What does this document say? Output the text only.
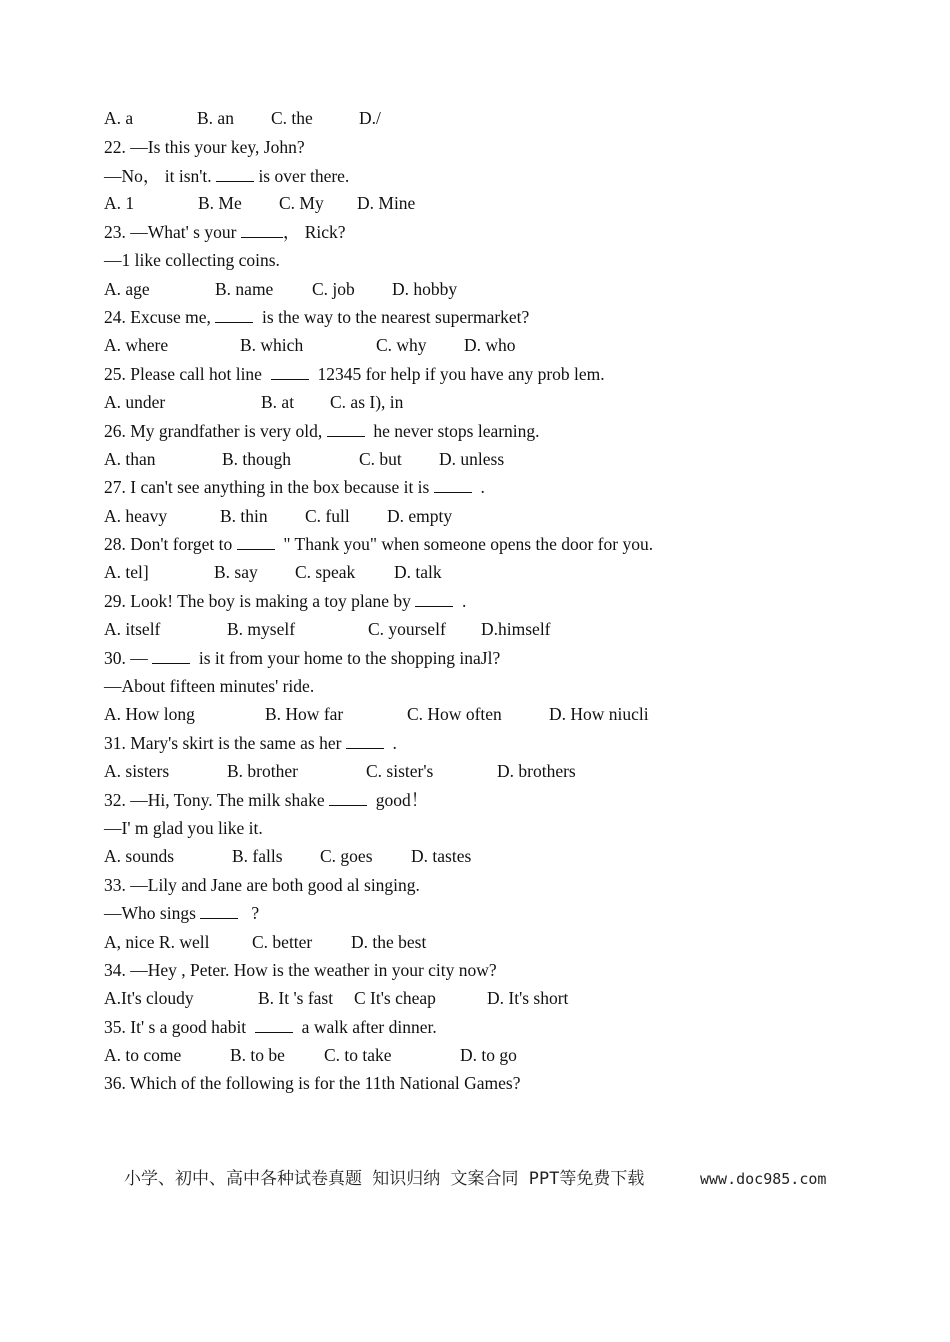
A. a	B. an C. the	D./
22. —Is this your key, John?
—No， it isn't.  is over there.
A. 1	B. Me C. My D. Mine
23. —What' s your ， Rick?
—1 like collecting coins.
A. age	B. name C. job D. hobby
24. Excuse me,   is the way to the nearest supermarket?
A. where	B. which	C. why D. who
25. Please call hot line    12345 for help if you have any prob lem.
A. under	B. at C. as I), in
26. My grandfather is very old,   he never stops learning.
A. than	B. though	C. but D. unless
27. I can't see anything in the box because it is   .
A. heavy	B. thin C. full D. empty
28. Don't forget to   " Thank you" when someone opens the door for you.
A. tel]	B. say C. speak D. talk
29. Look! The boy is making a toy plane by   .
A. itself	B. myself	C. yourself D.himself
30. —   is it from your home to the shopping inaJl?
—About fifteen minutes' ride.
A. How long	B. How far	C. How often	D. How niucli
31. Mary's skirt is the same as her   .
A. sisters	B. brother	C. sister's	D. brothers
32. —Hi, Tony. The milk shake   good！
—I' m glad you like it.
A. sounds	B. falls C. goes D. tastes
33. —Lily and Jane are both good al singing.
—Who sings    ?
A, nice R. well C. better D. the best
34. —Hey , Peter. How is the weather in your city now?
A.It's cloudy	B. It 's fast C It's cheap	D. It's short
35. It' s a good habit    a walk after dinner.
A. to come	B. to be C. to take	D. to go
36. Which of the following is for the 11th National Games?
小学、初中、高中各种试卷真题 知识归纳 文案合同 PPT等免费下载	www.doc985.com
